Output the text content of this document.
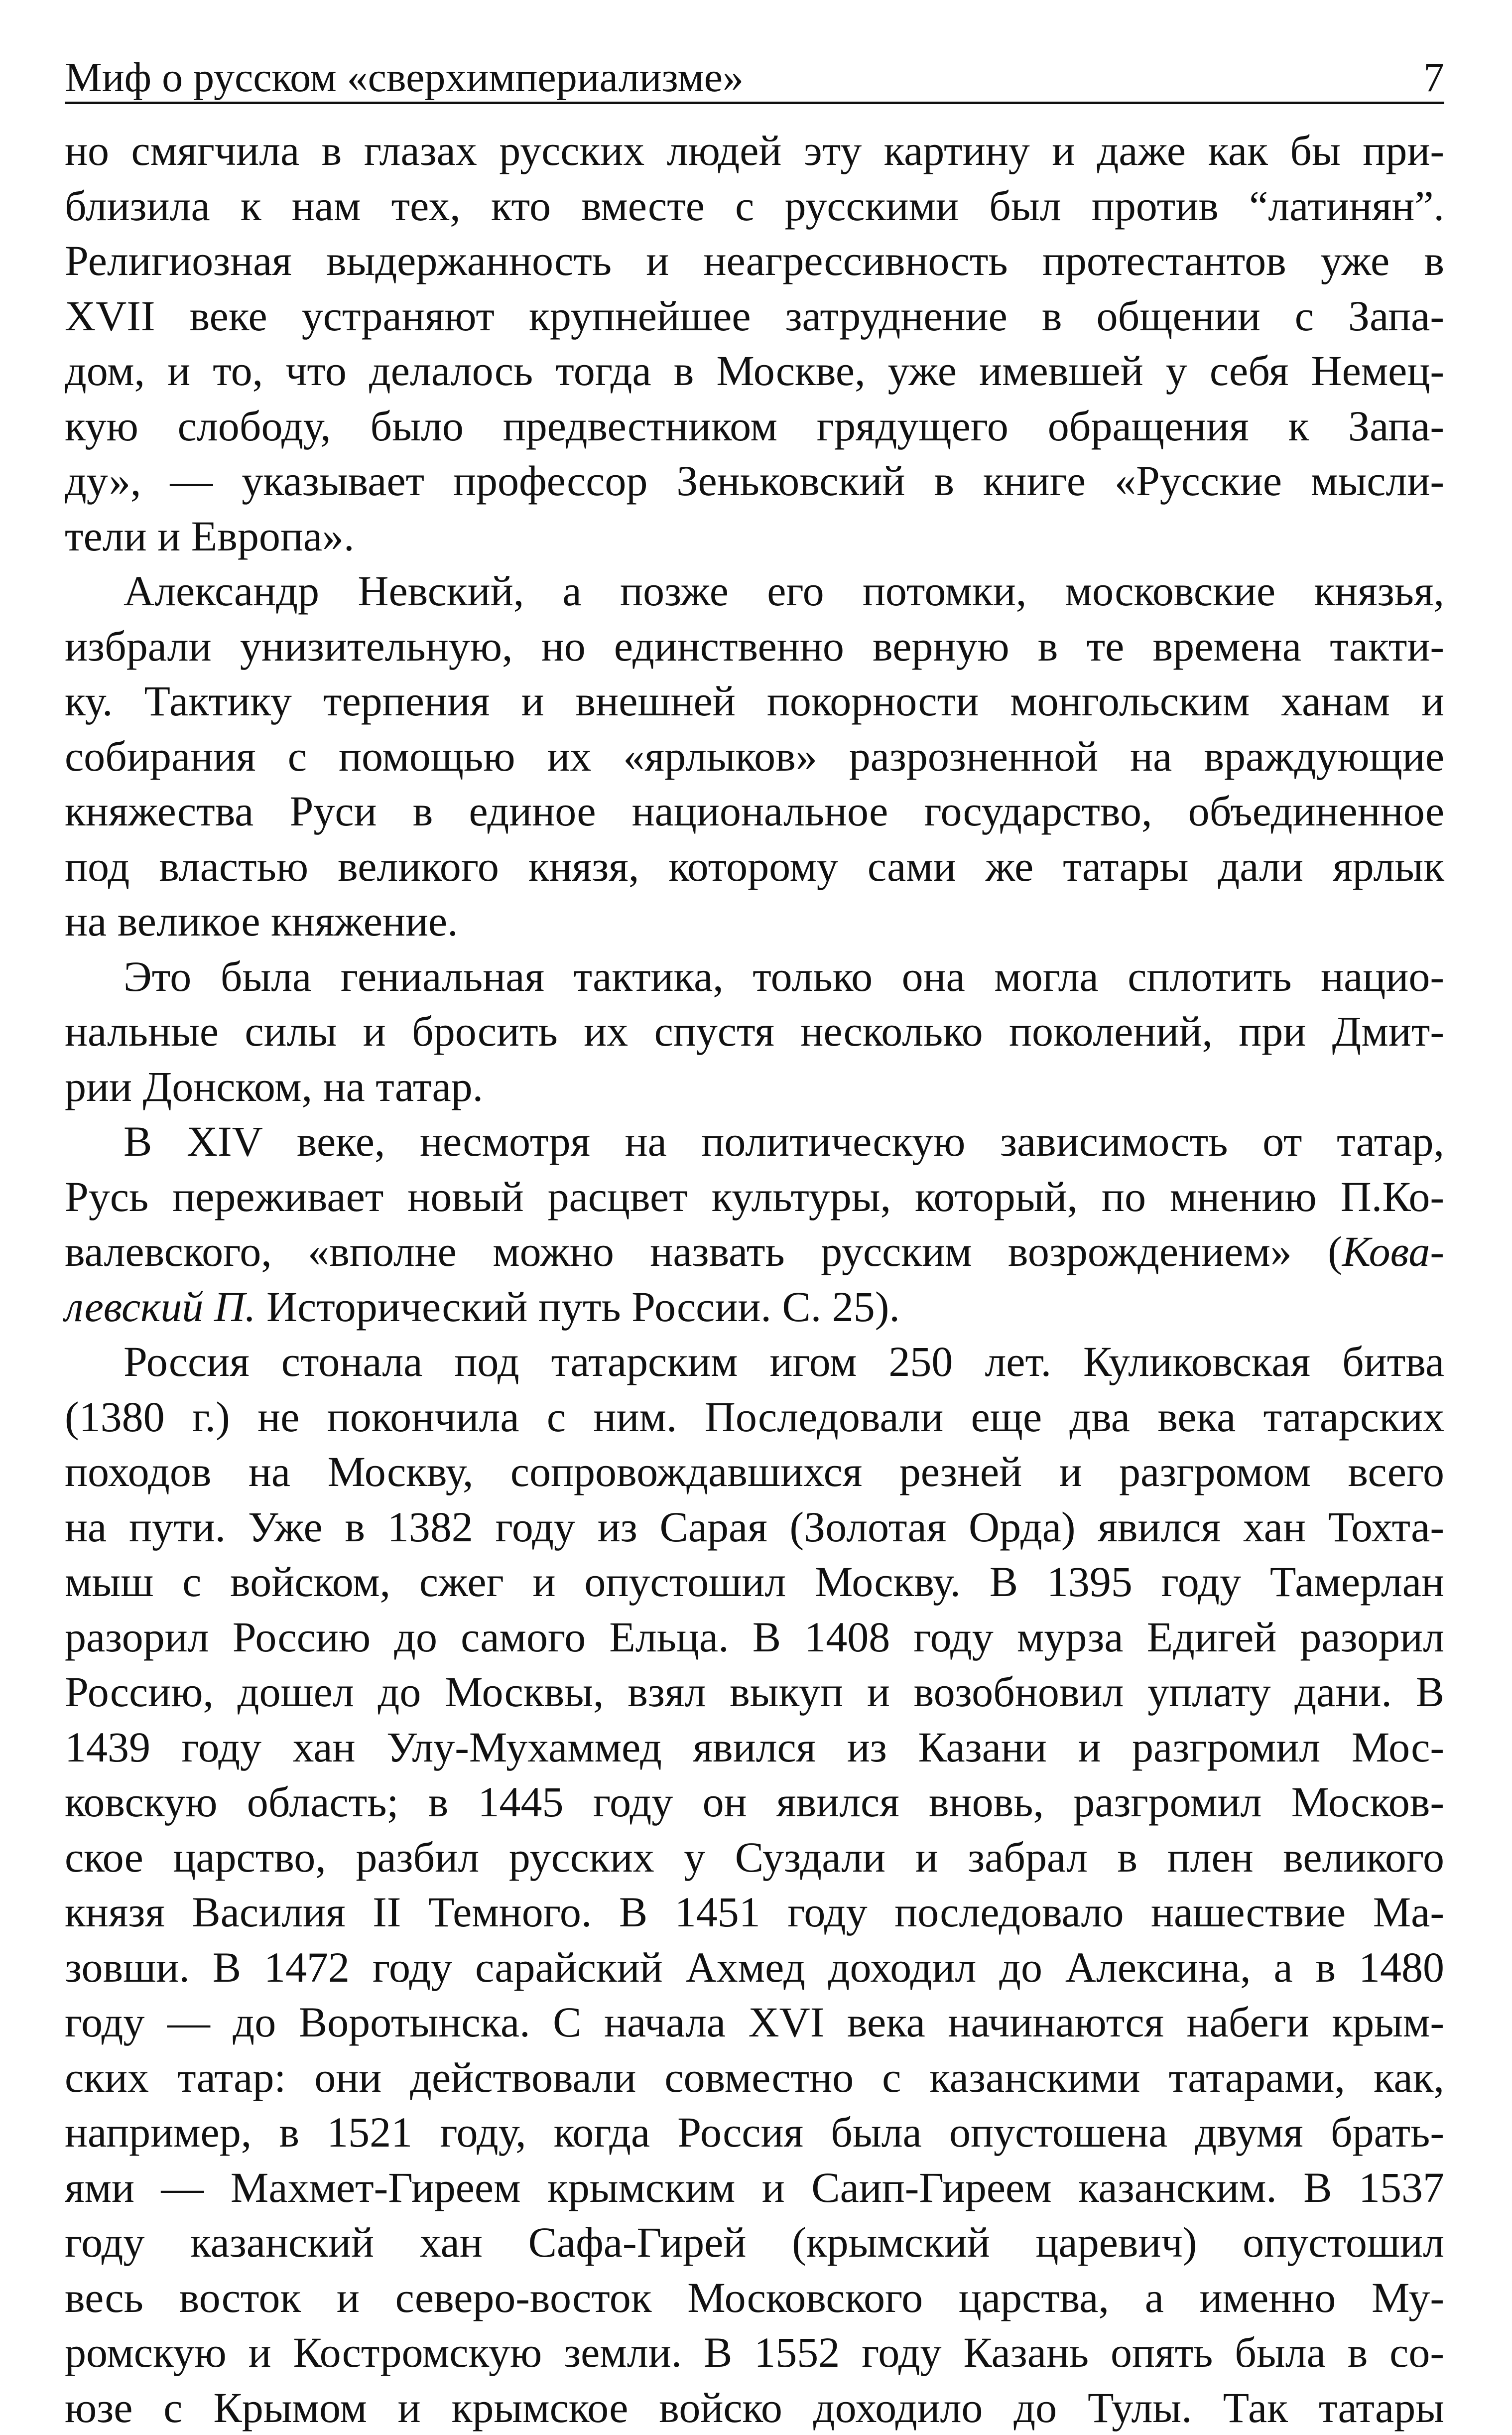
Миф о русском «сверхимпериализме»	7
но смягчила в глазах русских людей эту картину и даже как бы при-
близила к нам тех, кто вместе с русскими был против “латинян”.
Религиозная выдержанность и неагрессивность протестантов уже в
XVII веке устраняют крупнейшее затруднение в общении с Запа-
дом, и то, что делалось тогда в Москве, уже имевшей у себя Немец-
кую слободу, было предвестником грядущего обращения к Запа-
ду», — указывает профессор Зеньковский в книге «Русские мысли-
тели и Европа».
Александр Невский, а позже его потомки, московские князья,
избрали унизительную, но единственно верную в те времена такти-
ку. Тактику терпения и внешней покорности монгольским ханам и
собирания с помощью их «ярлыков» разрозненной на враждующие
княжества Руси в единое национальное государство, объединенное
под властью великого князя, которому сами же татары дали ярлык
на великое княжение.
Это была гениальная тактика, только она могла сплотить нацио-
нальные силы и бросить их спустя несколько поколений, при Дмит-
рии Донском, на татар.
В XIV веке, несмотря на политическую зависимость от татар,
Русь переживает новый расцвет культуры, который, по мнению П.Ко-
валевского, «вполне можно назвать русским возрождением» (Кова-
левский П. Исторический путь России. С. 25).
Россия стонала под татарским игом 250 лет. Куликовская битва
(1380 г.) не покончила с ним. Последовали еще два века татарских
походов на Москву, сопровождавшихся резней и разгромом всего
на пути. Уже в 1382 году из Сарая (Золотая Орда) явился хан Тохта-
мыш с войском, сжег и опустошил Москву. В 1395 году Тамерлан
разорил Россию до самого Ельца. В 1408 году мурза Едигей разорил
Россию, дошел до Москвы, взял выкуп и возобновил уплату дани. В
1439 году хан Улу-Мухаммед явился из Казани и разгромил Мос-
ковскую область; в 1445 году он явился вновь, разгромил Москов-
ское царство, разбил русских у Суздали и забрал в плен великого
князя Василия II Темного. В 1451 году последовало нашествие Ма-
зовши. В 1472 году сарайский Ахмед доходил до Алексина, а в 1480
году — до Воротынска. С начала XVI века начинаются набеги крым-
ских татар: они действовали совместно с казанскими татарами, как,
например, в 1521 году, когда Россия была опустошена двумя брать-
ями — Махмет-Гиреем крымским и Саип-Гиреем казанским. В 1537
году казанский хан Сафа-Гирей (крымский царевич) опустошил
весь восток и северо-восток Московского царства, а именно Му-
ромскую и Костромскую земли. В 1552 году Казань опять была в со-
юзе с Крымом и крымское войско доходило до Тулы. Так татары
